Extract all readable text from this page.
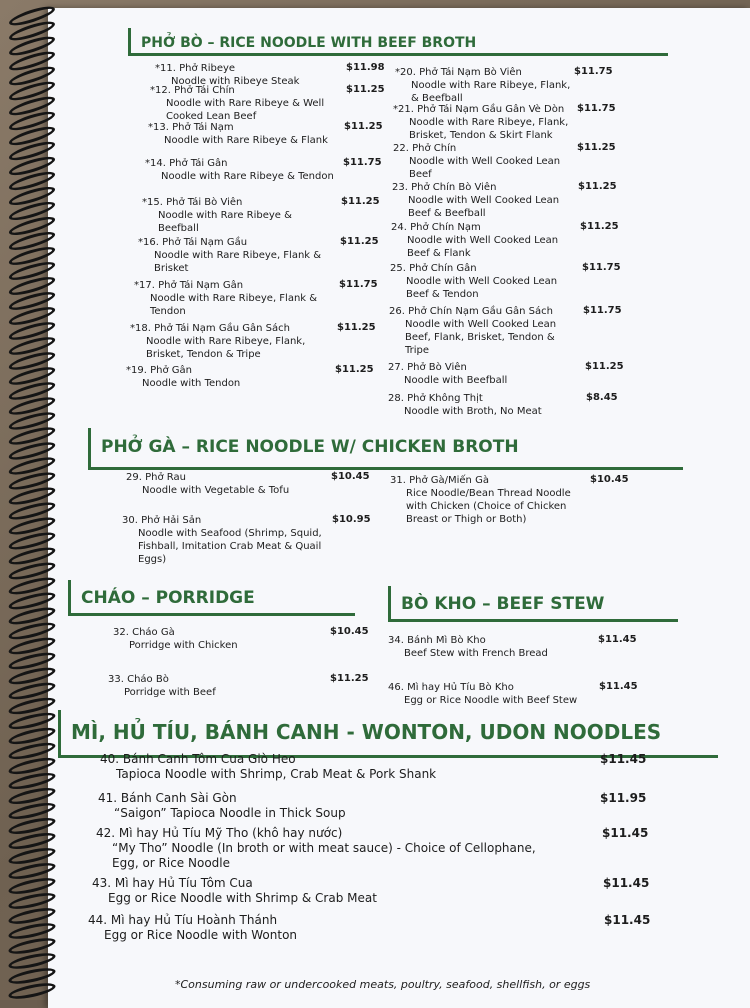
PHỞ BÒ – RICE NOODLE WITH BEEF BROTH
*11. Phở Ribeye
Noodle with Ribeye Steak
$11.98
*12. Phở Tái Chín
Noodle with Rare Ribeye & Well Cooked Lean Beef
$11.25
*13. Phở Tái Nạm
Noodle with Rare Ribeye & Flank
$11.25
*14. Phở Tái Gân
Noodle with Rare Ribeye & Tendon
$11.75
*15. Phở Tái Bò Viên
Noodle with Rare Ribeye & Beefball
$11.25
*16. Phở Tái Nạm Gầu
Noodle with Rare Ribeye, Flank & Brisket
$11.25
*17. Phở Tái Nạm Gân
Noodle with Rare Ribeye, Flank & Tendon
$11.75
*18. Phở Tái Nạm Gầu Gân Sách
Noodle with Rare Ribeye, Flank, Brisket, Tendon & Tripe
$11.25
*19. Phở Gân
Noodle with Tendon
$11.25
*20. Phở Tái Nạm Bò Viên
Noodle with Rare Ribeye, Flank, & Beefball
$11.75
*21. Phở Tái Nạm Gầu Gân Vè Dòn
Noodle with Rare Ribeye, Flank, Brisket, Tendon & Skirt Flank
$11.75
22. Phở Chín
Noodle with Well Cooked Lean Beef
$11.25
23. Phở Chín Bò Viên
Noodle with Well Cooked Lean Beef & Beefball
$11.25
24. Phở Chín Nạm
Noodle with Well Cooked Lean Beef & Flank
$11.25
25. Phở Chín Gân
Noodle with Well Cooked Lean Beef & Tendon
$11.75
26. Phở Chín Nạm Gầu Gân Sách
Noodle with Well Cooked Lean Beef, Flank, Brisket, Tendon & Tripe
$11.75
27. Phở Bò Viên
Noodle with Beefball
$11.25
28. Phở Không Thịt
Noodle with Broth, No Meat
$8.45
PHỞ GÀ – RICE NOODLE W/ CHICKEN BROTH
29. Phở Rau
Noodle with Vegetable & Tofu
$10.45
30. Phở Hải Sản
Noodle with Seafood (Shrimp, Squid, Fishball, Imitation Crab Meat & Quail Eggs)
$10.95
31. Phở Gà/Miến Gà
Rice Noodle/Bean Thread Noodle with Chicken (Choice of Chicken Breast or Thigh or Both)
$10.45
CHÁO – PORRIDGE
32. Cháo Gà
Porridge with Chicken
$10.45
33. Cháo Bò
Porridge with Beef
$11.25
BÒ KHO – BEEF STEW
34. Bánh Mì Bò Kho
Beef Stew with French Bread
$11.45
46. Mì hay Hủ Tíu Bò Kho
Egg or Rice Noodle with Beef Stew
$11.45
MÌ, HỦ TÍU, BÁNH CANH - WONTON, UDON NOODLES
40. Bánh Canh Tôm Cua Giò Heo
Tapioca Noodle with Shrimp, Crab Meat & Pork Shank
$11.45
41. Bánh Canh Sài Gòn
“Saigon” Tapioca Noodle in Thick Soup
$11.95
42. Mì hay Hủ Tíu Mỹ Tho (khô hay nước)
“My Tho” Noodle (In broth or with meat sauce) - Choice of Cellophane, Egg, or Rice Noodle
$11.45
43. Mì hay Hủ Tíu Tôm Cua
Egg or Rice Noodle with Shrimp & Crab Meat
$11.45
44. Mì hay Hủ Tíu Hoành Thánh
Egg or Rice Noodle with Wonton
$11.45
*Consuming raw or undercooked meats, poultry, seafood, shellfish, or eggs
